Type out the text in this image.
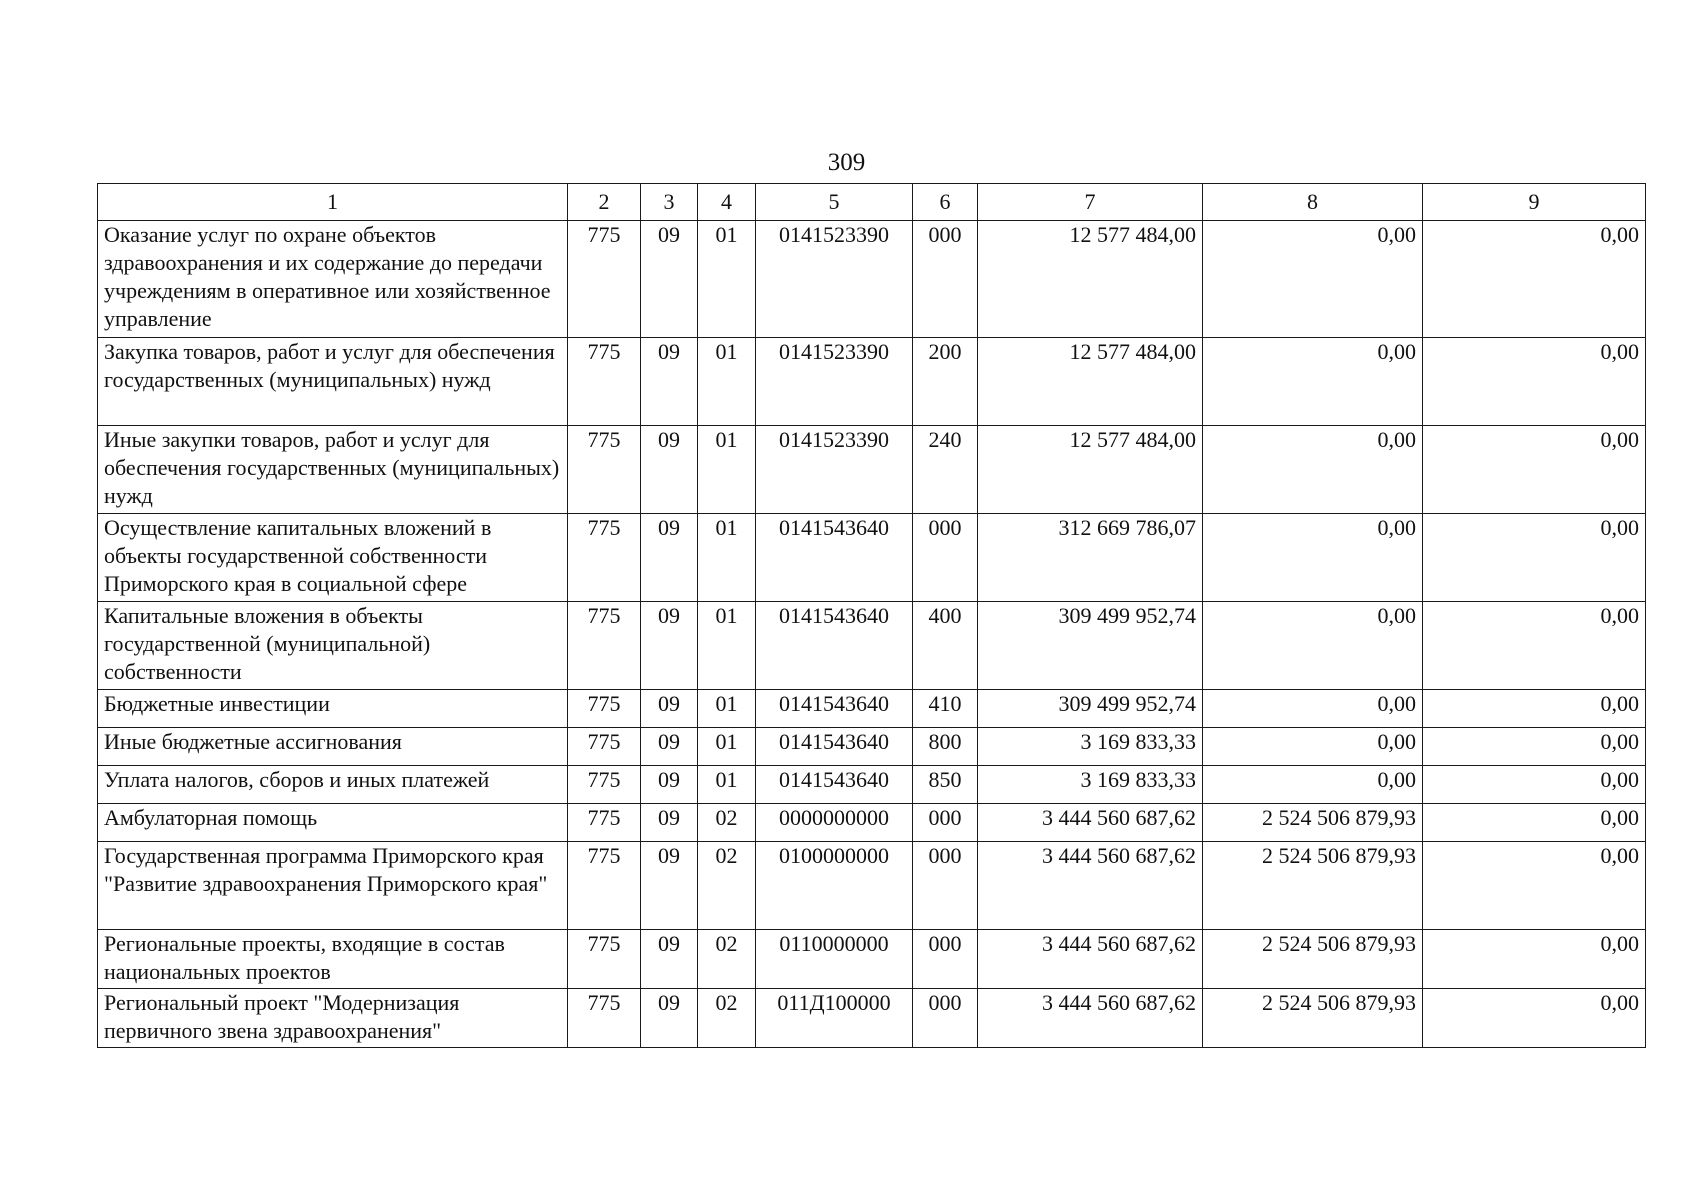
309
1	2	3	4	5	6	7	8	9
Оказание услуг по охране объектов здравоохранения и их содержание до передачи учреждениям в оперативное или хозяйственное управление	775	09	01	0141523390	000	12 577 484,00	0,00	0,00
Закупка товаров, работ и услуг для обеспечения государственных (муниципальных) нужд	775	09	01	0141523390	200	12 577 484,00	0,00	0,00
Иные закупки товаров, работ и услуг для обеспечения государственных (муниципальных) нужд	775	09	01	0141523390	240	12 577 484,00	0,00	0,00
Осуществление капитальных вложений в объекты государственной собственности Приморского края в социальной сфере	775	09	01	0141543640	000	312 669 786,07	0,00	0,00
Капитальные вложения в объекты государственной (муниципальной) собственности	775	09	01	0141543640	400	309 499 952,74	0,00	0,00
Бюджетные инвестиции	775	09	01	0141543640	410	309 499 952,74	0,00	0,00
Иные бюджетные ассигнования	775	09	01	0141543640	800	3 169 833,33	0,00	0,00
Уплата налогов, сборов и иных платежей	775	09	01	0141543640	850	3 169 833,33	0,00	0,00
Амбулаторная помощь	775	09	02	0000000000	000	3 444 560 687,62	2 524 506 879,93	0,00
Государственная программа Приморского края "Развитие здравоохранения Приморского края"	775	09	02	0100000000	000	3 444 560 687,62	2 524 506 879,93	0,00
Региональные проекты, входящие в состав национальных проектов	775	09	02	0110000000	000	3 444 560 687,62	2 524 506 879,93	0,00
Региональный проект "Модернизация первичного звена здравоохранения"	775	09	02	011Д100000	000	3 444 560 687,62	2 524 506 879,93	0,00
